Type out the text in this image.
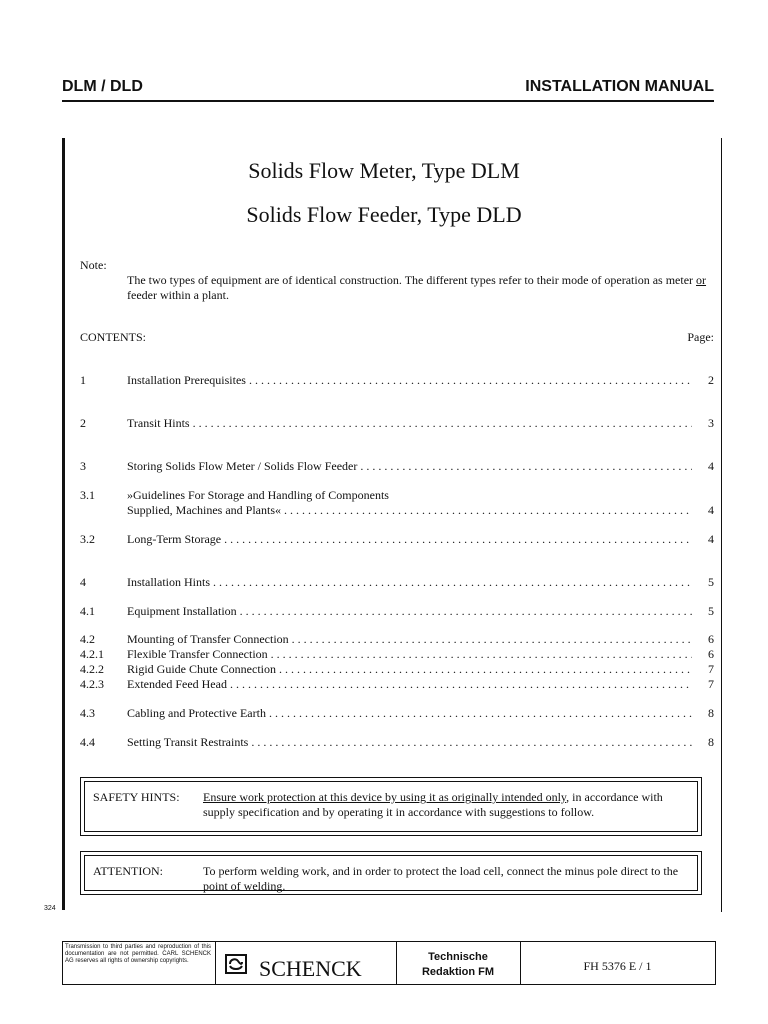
DLM / DLD	INSTALLATION MANUAL
Solids Flow Meter, Type DLM
Solids Flow Feeder, Type DLD
Note:
The two types of equipment are of identical construction. The different types refer to their mode of operation as meter or feeder within a plant.
CONTENTS:	Page:
1	Installation Prerequisites . . .	2
2	Transit Hints . . .	3
3	Storing Solids Flow Meter / Solids Flow Feeder . . .	4
3.1	»Guidelines For Storage and Handling of Components
Supplied, Machines and Plants« . . .	4
3.2	Long-Term Storage . . .	4
4	Installation Hints . . .	5
4.1	Equipment Installation . . .	5
4.2	Mounting of Transfer Connection . . .	6
4.2.1 Flexible Transfer Connection . . .	6
4.2.2 Rigid Guide Chute Connection . . .	7
4.2.3 Extended Feed Head . . .	7
4.3	Cabling and Protective Earth . . .	8
4.4	Setting Transit Restraints . . .	8
SAFETY HINTS: Ensure work protection at this device by using it as originally intended only, in accordance with supply specification and by operating it in accordance with suggestions to follow.
ATTENTION:	To perform welding work, and in order to protect the load cell, connect the minus pole direct to the point of welding.
324
Transmission to third parties and reproduction of this documentation are not permitted. CARL SCHENCK AG reserves all rights of ownership copyrights.	SCHENCK	Technische
Redaktion FM	FH 5376 E / 1
